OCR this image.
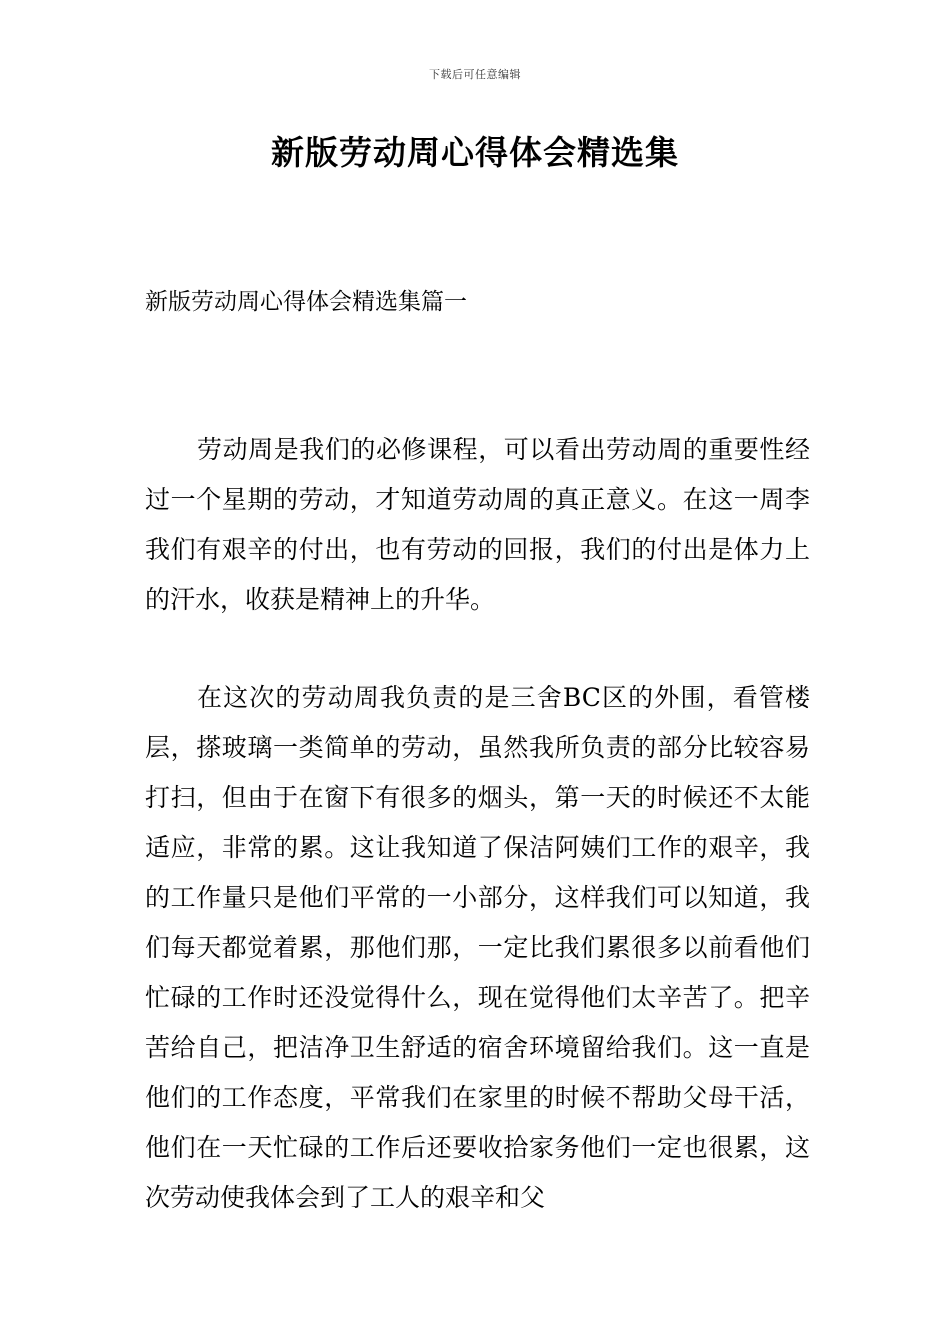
下载后可任意编辑
新版劳动周心得体会精选集
新版劳动周心得体会精选集篇一

劳动周是我们的必修课程，可以看出劳动周的重要性经过一个星期的劳动，才知道劳动周的真正意义。在这一周李我们有艰辛的付出，也有劳动的回报，我们的付出是体力上的汗水，收获是精神上的升华。

在这次的劳动周我负责的是三舍BC区的外围，看管楼层，搽玻璃一类简单的劳动，虽然我所负责的部分比较容易打扫，但由于在窗下有很多的烟头，第一天的时候还不太能适应，非常的累。这让我知道了保洁阿姨们工作的艰辛，我的工作量只是他们平常的一小部分，这样我们可以知道，我们每天都觉着累，那他们那，一定比我们累很多以前看他们忙碌的工作时还没觉得什么，现在觉得他们太辛苦了。把辛苦给自己，把洁净卫生舒适的宿舍环境留给我们。这一直是他们的工作态度，平常我们在家里的时候不帮助父母干活，他们在一天忙碌的工作后还要收拾家务他们一定也很累，这次劳动使我体会到了工人的艰辛和父
